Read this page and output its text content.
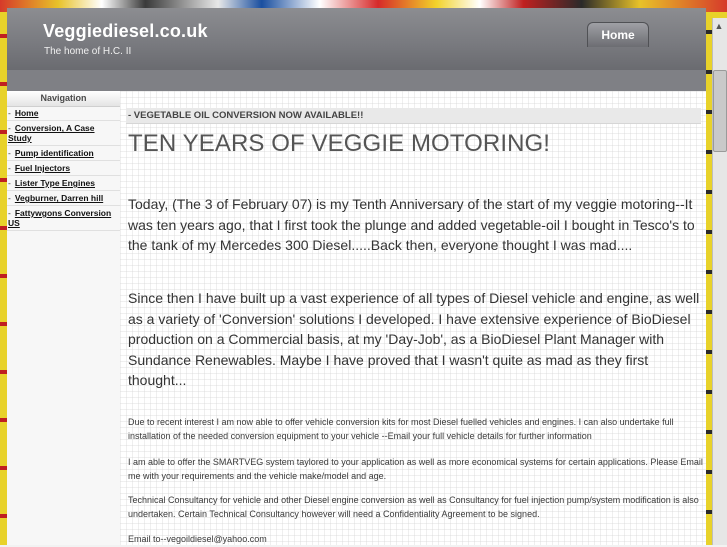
▲
Veggiediesel.co.uk
The home of H.C. II
Home
Navigation
- Home
- Conversion, A Case Study
- Pump identification
- Fuel Injectors
- Lister Type Engines
- Vegburner, Darren hill
- Fattywgons Conversion US
- VEGETABLE OIL CONVERSION NOW AVAILABLE!!
TEN YEARS OF VEGGIE MOTORING!
Today, (The 3 of February 07) is my Tenth Anniversary of the start of my veggie motoring--It was ten years ago, that I first took the plunge and added vegetable-oil I bought in Tesco's to the tank of my Mercedes 300 Diesel.....Back then, everyone thought I was mad....
Since then I have built up a vast experience of all types of Diesel vehicle and engine, as well as a variety of 'Conversion' solutions I developed. I have extensive experience of BioDiesel production on a Commercial basis, at my 'Day-Job', as a BioDiesel Plant Manager with Sundance Renewables. Maybe I have proved that I wasn't quite as mad as they first thought...
Due to recent interest I am now able to offer vehicle conversion kits for most Diesel fuelled vehicles and engines. I can also undertake full installation of the needed conversion equipment to your vehicle --Email your full vehicle details for further information
I am able to offer the SMARTVEG system taylored to your application as well as more economical systems for certain applications. Please Email me with your requirements and the vehicle make/model and age.
Technical Consultancy for vehicle and other Diesel engine conversion as well as Consultancy for fuel injection pump/system modification is also undertaken. Certain Technical Consultancy however will need a Confidentiality Agreement to be signed.
Email to--vegoildiesel@yahoo.com
